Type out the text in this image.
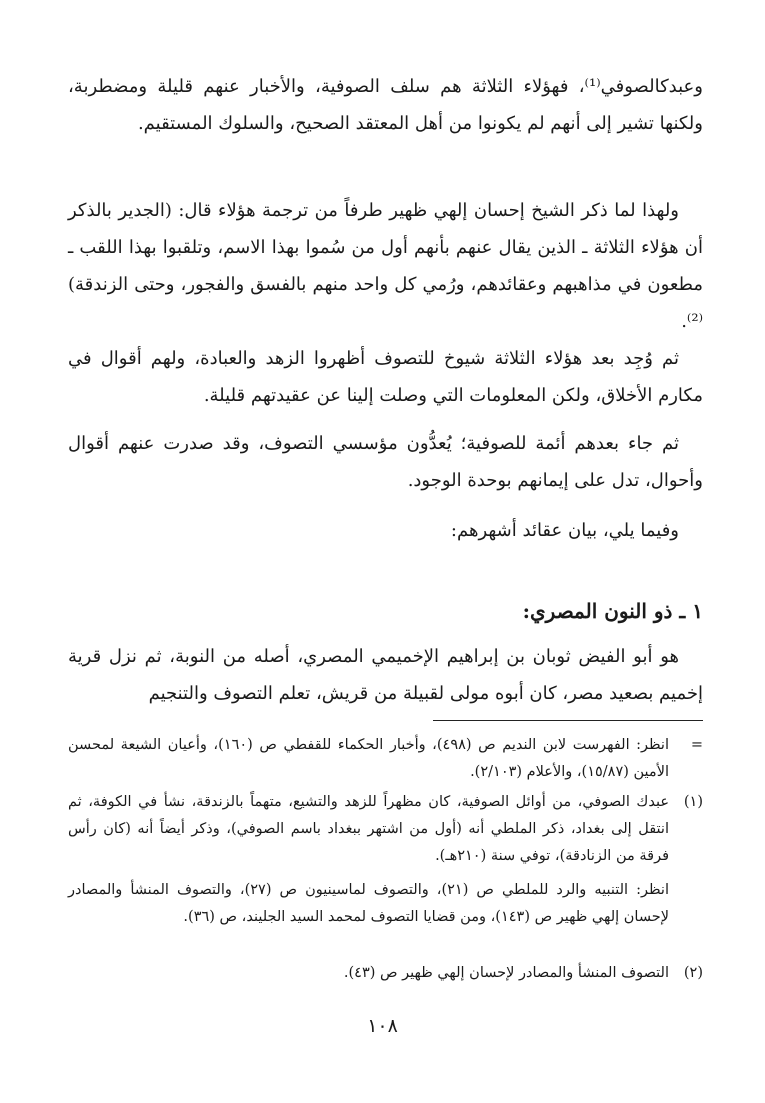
وعبدكالصوفي⁽¹⁾، فهؤلاء الثلاثة هم سلف الصوفية، والأخبار عنهم قليلة ومضطربة، ولكنها تشير إلى أنهم لم يكونوا من أهل المعتقد الصحيح، والسلوك المستقيم.

ولهذا لما ذكر الشيخ إحسان إلهي ظهير طرفاً من ترجمة هؤلاء قال: (الجدير بالذكر أن هؤلاء الثلاثة ـ الذين يقال عنهم بأنهم أول من سُموا بهذا الاسم، وتلقبوا بهذا اللقب ـ مطعون في مذاهبهم وعقائدهم، ورُمي كل واحد منهم بالفسق والفجور، وحتى الزندقة)⁽²⁾.

ثم وُجِد بعد هؤلاء الثلاثة شيوخ للتصوف أظهروا الزهد والعبادة، ولهم أقوال في مكارم الأخلاق، ولكن المعلومات التي وصلت إلينا عن عقيدتهم قليلة.

ثم جاء بعدهم أئمة للصوفية؛ يُعدُّون مؤسسي التصوف، وقد صدرت عنهم أقوال وأحوال، تدل على إيمانهم بوحدة الوجود.

وفيما يلي، بيان عقائد أشهرهم:

١ ـ ذو النون المصري:

هو أبو الفيض ثوبان بن إبراهيم الإخميمي المصري، أصله من النوبة، ثم نزل قرية إخميم بصعيد مصر، كان أبوه مولى لقبيلة من قريش، تعلم التصوف والتنجيم

=
انظر: الفهرست لابن النديم ص (٤٩٨)، وأخبار الحكماء للقفطي ص (١٦٠)، وأعيان الشيعة لمحسن الأمين (١٥/٨٧)، والأعلام (٢/١٠٣).
(١)
عبدك الصوفي، من أوائل الصوفية، كان مظهراً للزهد والتشيع، متهماً بالزندقة، نشأ في الكوفة، ثم انتقل إلى بغداد، ذكر الملطي أنه (أول من اشتهر ببغداد باسم الصوفي)، وذكر أيضاً أنه (كان رأس فرقة من الزنادقة)، توفي سنة (٢١٠هـ).
انظر: التنبيه والرد للملطي ص (٢١)، والتصوف لماسينيون ص (٢٧)، والتصوف المنشأ والمصادر لإحسان إلهي ظهير ص (١٤٣)، ومن قضايا التصوف لمحمد السيد الجليند، ص (٣٦).
(٢)
التصوف المنشأ والمصادر لإحسان إلهي ظهير ص (٤٣).
١٠٨
